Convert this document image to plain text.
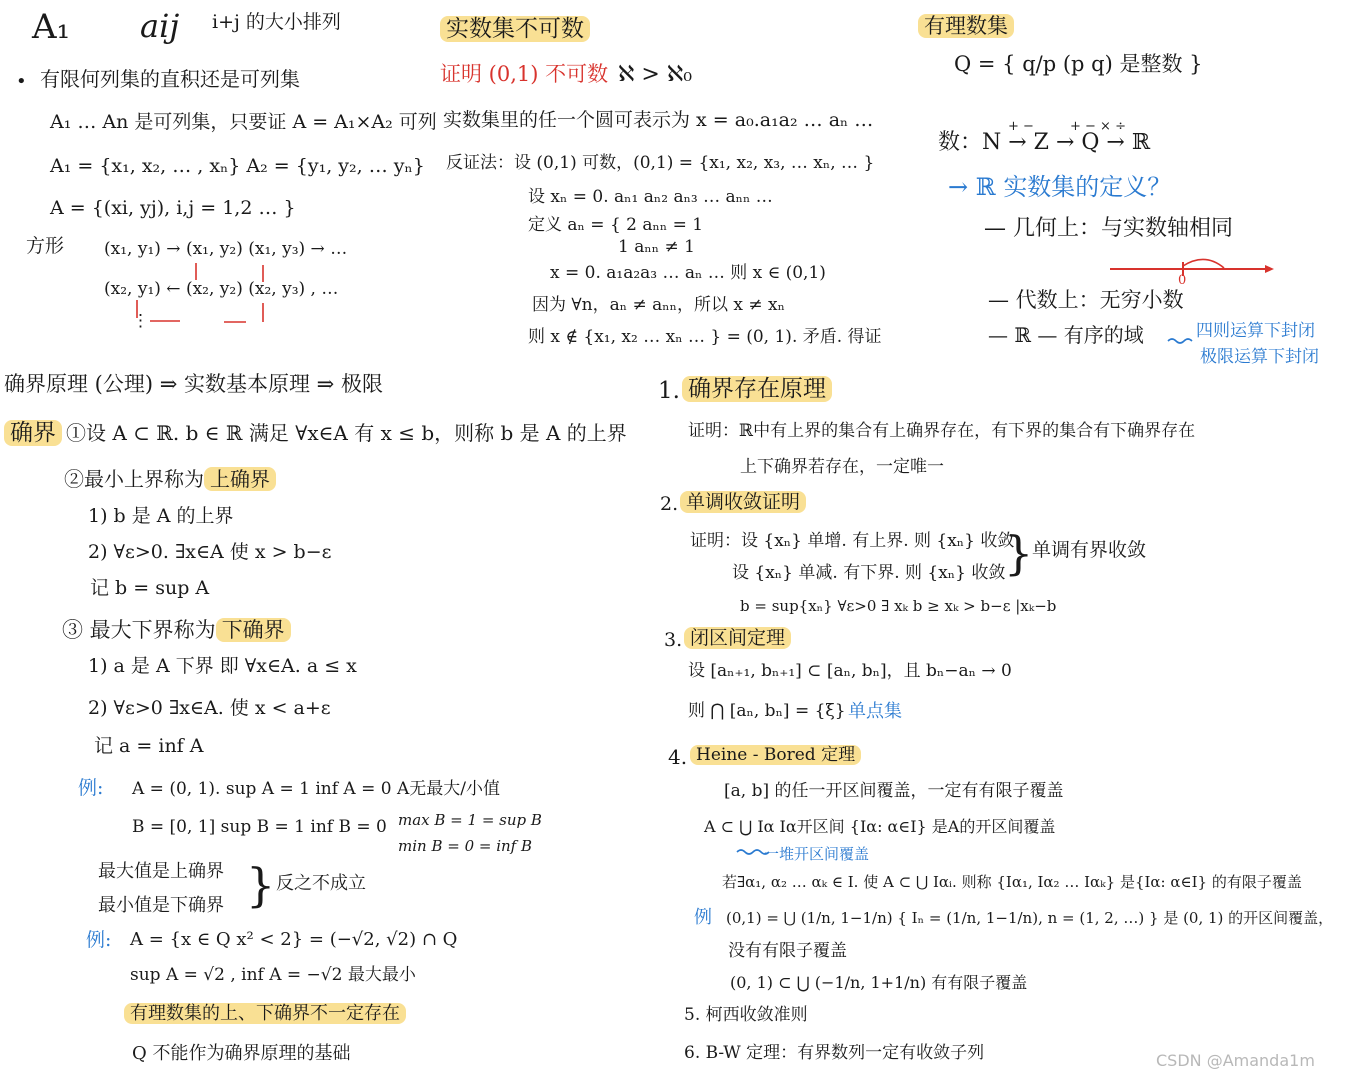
A₁ aij i+j 的大小排列
• 有限何列集的直积还是可列集
A₁ … An 是可列集，只要证 A = A₁×A₂ 可列
A₁ = {x₁, x₂, … , xₙ} A₂ = {y₁, y₂, … yₙ}
A = {(xi, yj), i,j = 1,2 … }
方形 (x₁, y₁) → (x₁, y₂) (x₁, y₃) → …
(x₂, y₁) ← (x₂, y₂) (x₂, y₃) , …
⋮
实数集不可数
证明 (0,1) 不可数 ℵ > ℵ₀
实数集里的任一个圆可表示为 x = a₀.a₁a₂ … aₙ …
反证法：设 (0,1) 可数，(0,1) = {x₁, x₂, x₃, … xₙ, … }
设 xₙ = 0. aₙ₁ aₙ₂ aₙ₃ … aₙₙ …
定义 aₙ = { 2 aₙₙ = 1
1 aₙₙ ≠ 1
x = 0. a₁a₂a₃ … aₙ … 则 x ∈ (0,1)
因为 ∀n，aₙ ≠ aₙₙ，所以 x ≠ xₙ
则 x ∉ {x₁, x₂ … xₙ … } = (0, 1). 矛盾. 得证
有理数集
Q = { q/p (p q) 是整数 }
+ −	+ − × ÷
数：N → Z → Q → ℝ
→ ℝ 实数集的定义？
— 几何上：与实数轴相同
0
— 代数上：无穷小数
— ℝ — 有序的域	四则运算下封闭
极限运算下封闭
确界原理 (公理) ⇒ 实数基本原理 ⇒ 极限
确界 ①设 A ⊂ ℝ. b ∈ ℝ 满足 ∀x∈A 有 x ≤ b，则称 b 是 A 的上界
②最小上界称为 上确界
1) b 是 A 的上界
2) ∀ε>0. ∃x∈A 使 x > b−ε
记 b = sup A
③ 最大下界称为 下确界
1) a 是 A 下界 即 ∀x∈A. a ≤ x
2) ∀ε>0 ∃x∈A. 使 x < a+ε
记 a = inf A
例: A = (0, 1). sup A = 1 inf A = 0 A无最大/小值
B = [0, 1] sup B = 1 inf B = 0 max B = 1 = sup B
min B = 0 = inf B
最大值是上确界
最小值是下确界 } 反之不成立
例: A = {x ∈ Q x² < 2} = (−√2, √2) ∩ Q
sup A = √2 , inf A = −√2 最大最小
有理数集的上、下确界不一定存在
Q 不能作为确界原理的基础
1. 确界存在原理
证明：ℝ中有上界的集合有上确界存在，有下界的集合有下确界存在
上下确界若存在，一定唯一
2. 单调收敛证明
证明：设 {xₙ} 单增. 有上界. 则 {xₙ} 收敛
设 {xₙ} 单减. 有下界. 则 {xₙ} 收敛
}
单调有界收敛
b = sup{xₙ} ∀ε>0 ∃ xₖ b ≥ xₖ > b−ε |xₖ−b
3. 闭区间定理
设 [aₙ₊₁, bₙ₊₁] ⊂ [aₙ, bₙ]，且 bₙ−aₙ → 0
则 ⋂ [aₙ, bₙ] = {ξ} 单点集
4. Heine - Bored 定理
[a, b] 的任一开区间覆盖，一定有有限子覆盖
A ⊂ ⋃ Iα Iα开区间 {Iα: α∈I} 是A的开区间覆盖
一堆开区间覆盖
若∃α₁, α₂ … αₖ ∈ I. 使 A ⊂ ⋃ Iαᵢ. 则称 {Iα₁, Iα₂ … Iαₖ} 是{Iα: α∈I} 的有限子覆盖
例 (0,1) = ⋃ (1/n, 1−1/n) { Iₙ = (1/n, 1−1/n), n = (1, 2, …) } 是 (0, 1) 的开区间覆盖，
没有有限子覆盖
(0, 1) ⊂ ⋃ (−1/n, 1+1/n) 有有限子覆盖
5. 柯西收敛准则
6. B-W 定理：有界数列一定有收敛子列	CSDN @Amanda1m
